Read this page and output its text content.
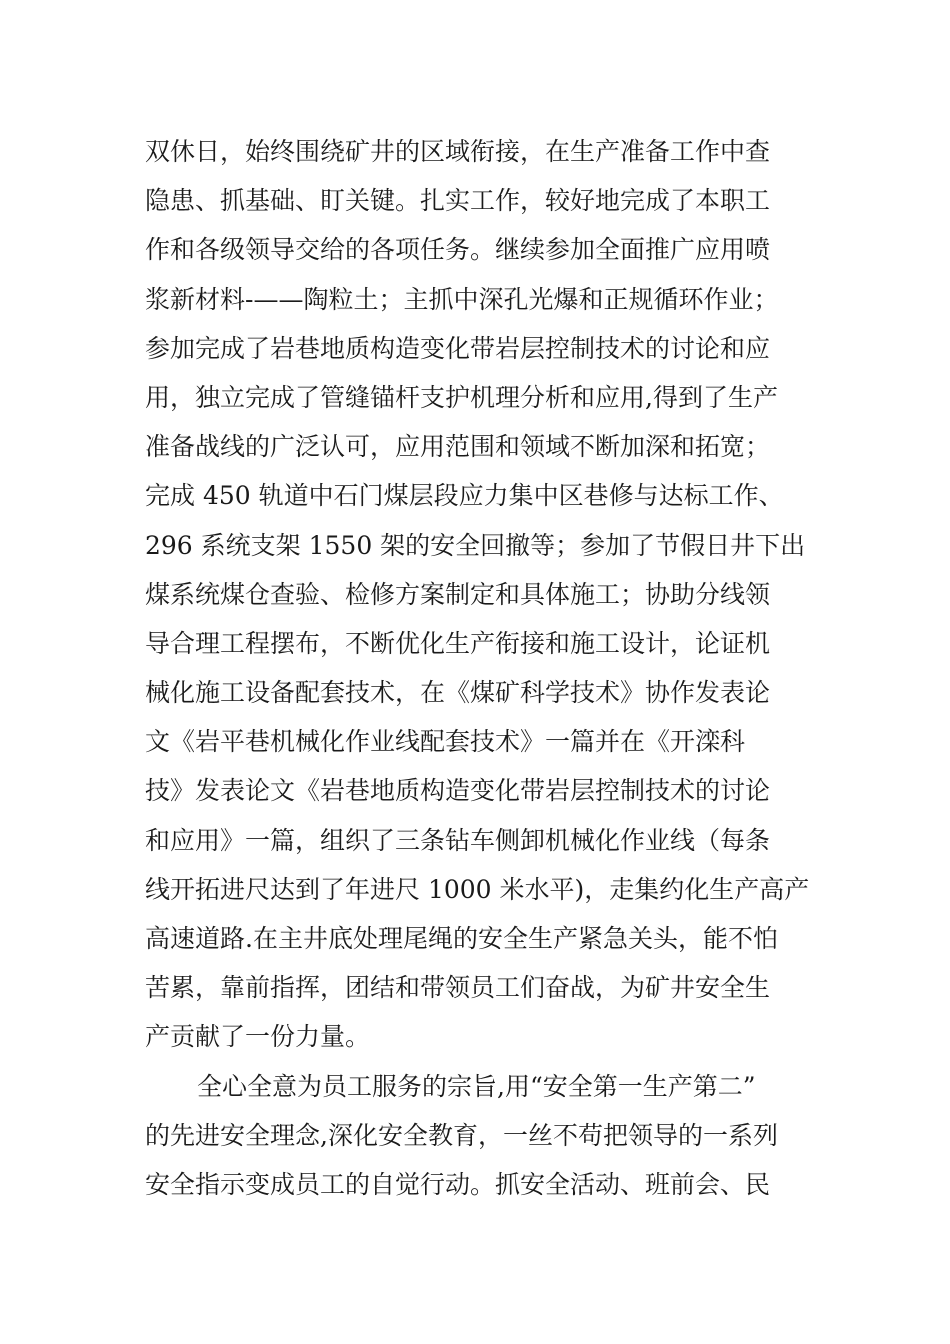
双休日，始终围绕矿井的区域衔接，在生产准备工作中查
隐患、抓基础、盯关键。扎实工作，较好地完成了本职工
作和各级领导交给的各项任务。继续参加全面推广应用喷
浆新材料-——陶粒土；主抓中深孔光爆和正规循环作业；
参加完成了岩巷地质构造变化带岩层控制技术的讨论和应
用，独立完成了管缝锚杆支护机理分析和应用,得到了生产
准备战线的广泛认可，应用范围和领域不断加深和拓宽；
完成 450 轨道中石门煤层段应力集中区巷修与达标工作、
296 系统支架 1550 架的安全回撤等；参加了节假日井下出
煤系统煤仓查验、检修方案制定和具体施工；协助分线领
导合理工程摆布，不断优化生产衔接和施工设计，论证机
械化施工设备配套技术，在《煤矿科学技术》协作发表论
文《岩平巷机械化作业线配套技术》一篇并在《开滦科
技》发表论文《岩巷地质构造变化带岩层控制技术的讨论
和应用》一篇，组织了三条钻车侧卸机械化作业线（每条
线开拓进尺达到了年进尺 1000 米水平)，走集约化生产高产
高速道路.在主井底处理尾绳的安全生产紧急关头，能不怕
苦累，靠前指挥，团结和带领员工们奋战，为矿井安全生
产贡献了一份力量。
全心全意为员工服务的宗旨,用“安全第一生产第二”
的先进安全理念,深化安全教育，一丝不苟把领导的一系列
安全指示变成员工的自觉行动。抓安全活动、班前会、民
